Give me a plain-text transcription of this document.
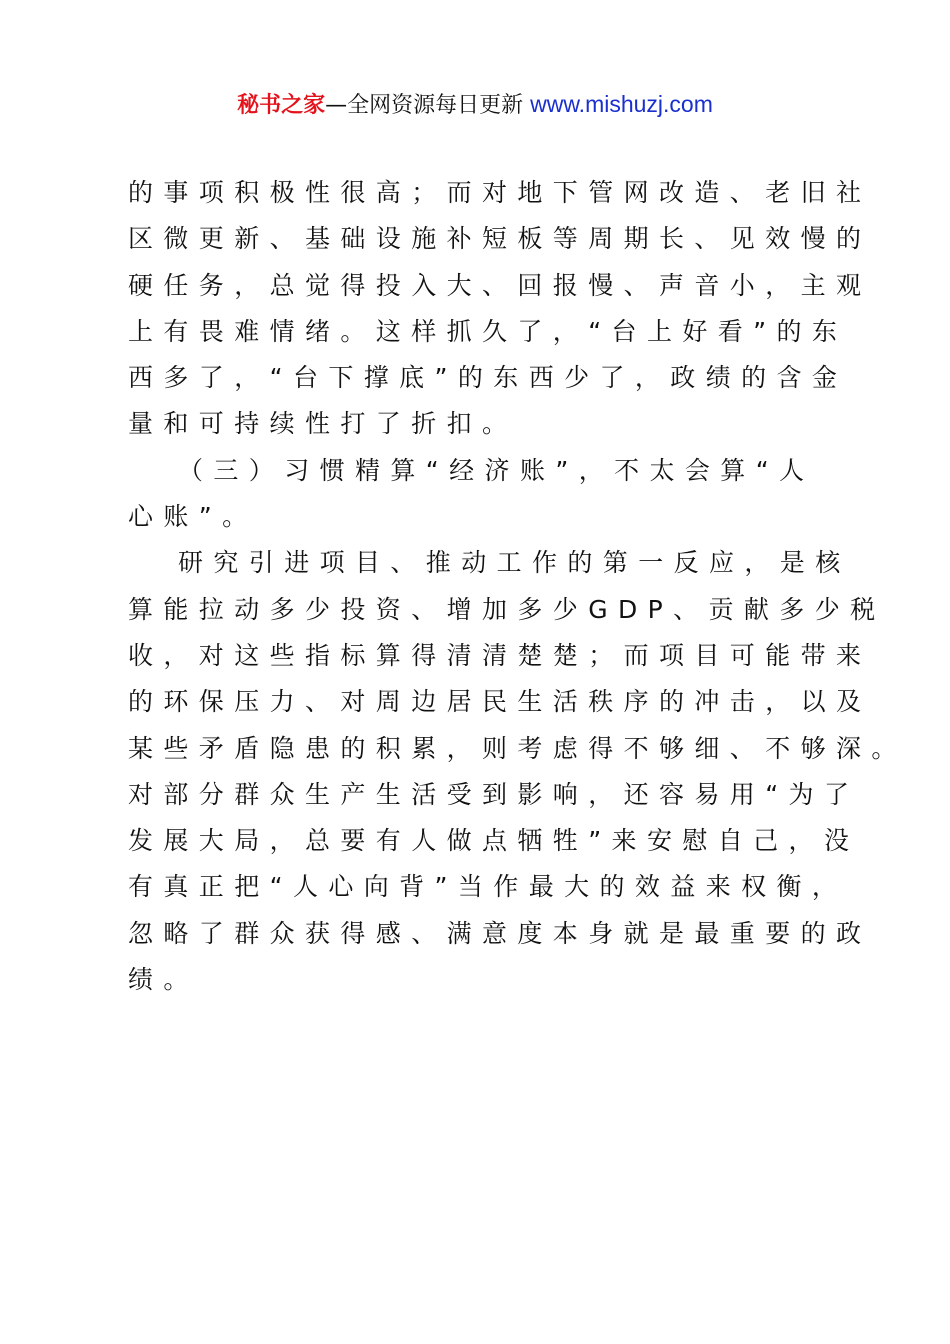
秘书之家—全网资源每日更新 www.mishuzj.com
的事项积极性很高；而对地下管网改造、老旧社
区微更新、基础设施补短板等周期长、见效慢的
硬任务，总觉得投入大、回报慢、声音小，主观
上有畏难情绪。这样抓久了，“台上好看”的东
西多了，“台下撑底”的东西少了，政绩的含金
量和可持续性打了折扣。
（三）习惯精算“经济账”，不太会算“人
心账”。
研究引进项目、推动工作的第一反应，是核
算能拉动多少投资、增加多少GDP、贡献多少税
收，对这些指标算得清清楚楚；而项目可能带来
的环保压力、对周边居民生活秩序的冲击，以及
某些矛盾隐患的积累，则考虑得不够细、不够深。
对部分群众生产生活受到影响，还容易用“为了
发展大局，总要有人做点牺牲”来安慰自己，没
有真正把“人心向背”当作最大的效益来权衡，
忽略了群众获得感、满意度本身就是最重要的政
绩。
